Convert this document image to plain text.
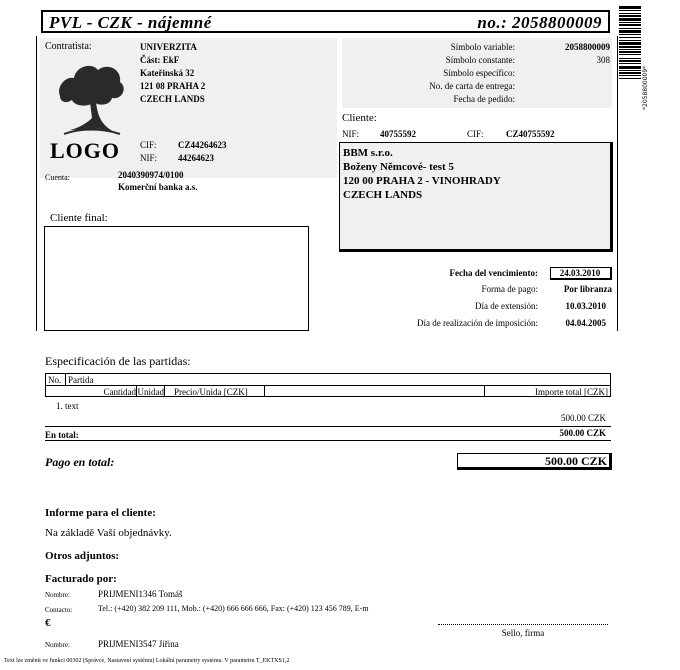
PVL - CZK - nájemné	no.: 2058800009
*2058800009*
Contratista:	UNIVERZITA
Část: EkF
Kateřinská 32
121 08 PRAHA 2
CZECH LANDS
LOGO CIF: CZ44264623
NIF: 44264623
Cuenta:	2040390974/0100
Komerční banka a.s.
Símbolo variable:	2058800009
Símbolo constante:	308
Símbolo específico:
No. de carta de entrega:
Fecha de pedido:
Cliente:
NIF: 40755592	CIF: CZ40755592
BBM s.r.o.
Boženy Němcové- test 5
120 00 PRAHA 2 - VINOHRADY
CZECH LANDS
Cliente final:
Fecha del vencimiento:	24.03.2010
Forma de pago:	Por libranza
Día de extensión:	10.03.2010
Día de realización de imposición:	04.04.2005
Especificación de las partidas:
No. Partida
Cantidad Unidad Precio/Unida [CZK]	Importe total [CZK]
1. text
500.00 CZK
En total:	500.00 CZK
Pago en total:	500.00 CZK
Informe para el cliente:
Na základě Vaší objednávky.
Otros adjuntos:
Facturado por:
Nombre:	PRIJMENI1346 Tomáš
Contacto:	Tel.: (+420) 382 209 111, Mob.: (+420) 666 666 666, Fax: (+420) 123 456 789, E-m
€
Sello, firma
Nombre:	PRIJMENI3547 Jiřina
Text lze změnit ve funkci 00302 (Správce, Nastavení systému) Lokální parametry systému. V parametru T_EKTXS1,2
